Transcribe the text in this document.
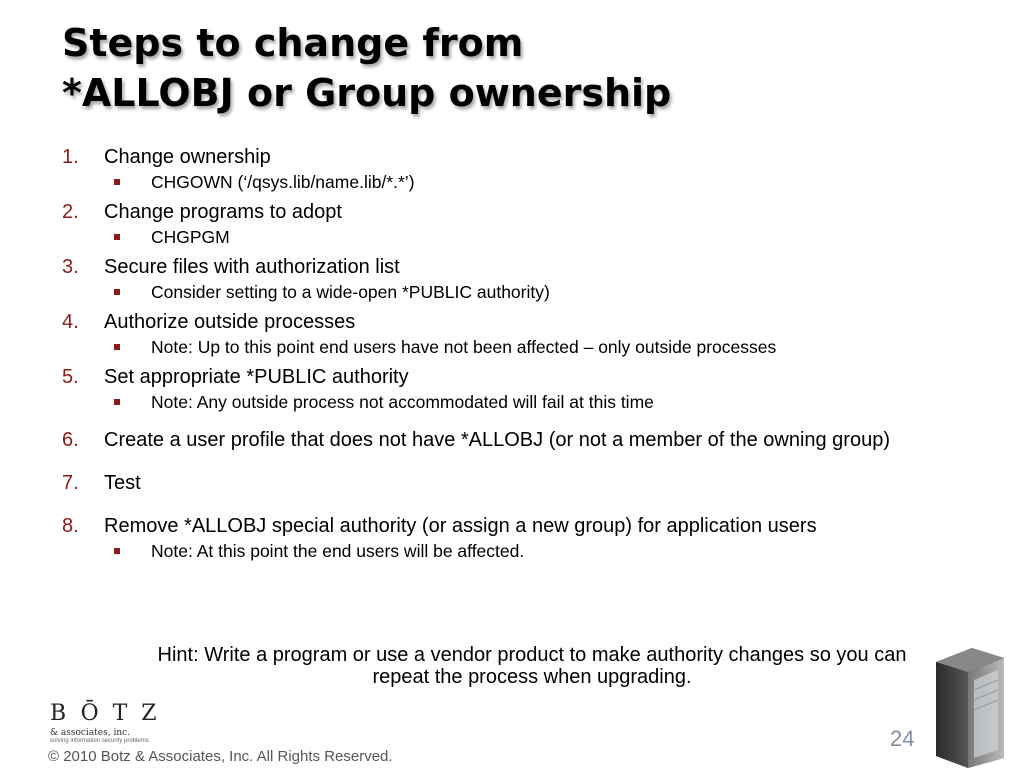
Steps to change from
*ALLOBJ or Group ownership
1. Change ownership
CHGOWN (‘/qsys.lib/name.lib/*.*’)
2. Change programs to adopt
CHGPGM
3. Secure files with authorization list
Consider setting to a wide-open *PUBLIC authority)
4. Authorize outside processes
Note: Up to this point end users have not been affected – only outside processes
5. Set appropriate *PUBLIC authority
Note: Any outside process not accommodated will fail at this time
6. Create a user profile that does not have *ALLOBJ (or not a member of the owning group)
7. Test
8. Remove *ALLOBJ special authority (or assign a new group) for application users
Note: At this point the end users will be affected.
Hint: Write a program or use a vendor product to make authority changes so you can
repeat the process when upgrading.
BŌTZ
& associates, inc.
solving information security problems
© 2010 Botz & Associates, Inc. All Rights Reserved.
24
